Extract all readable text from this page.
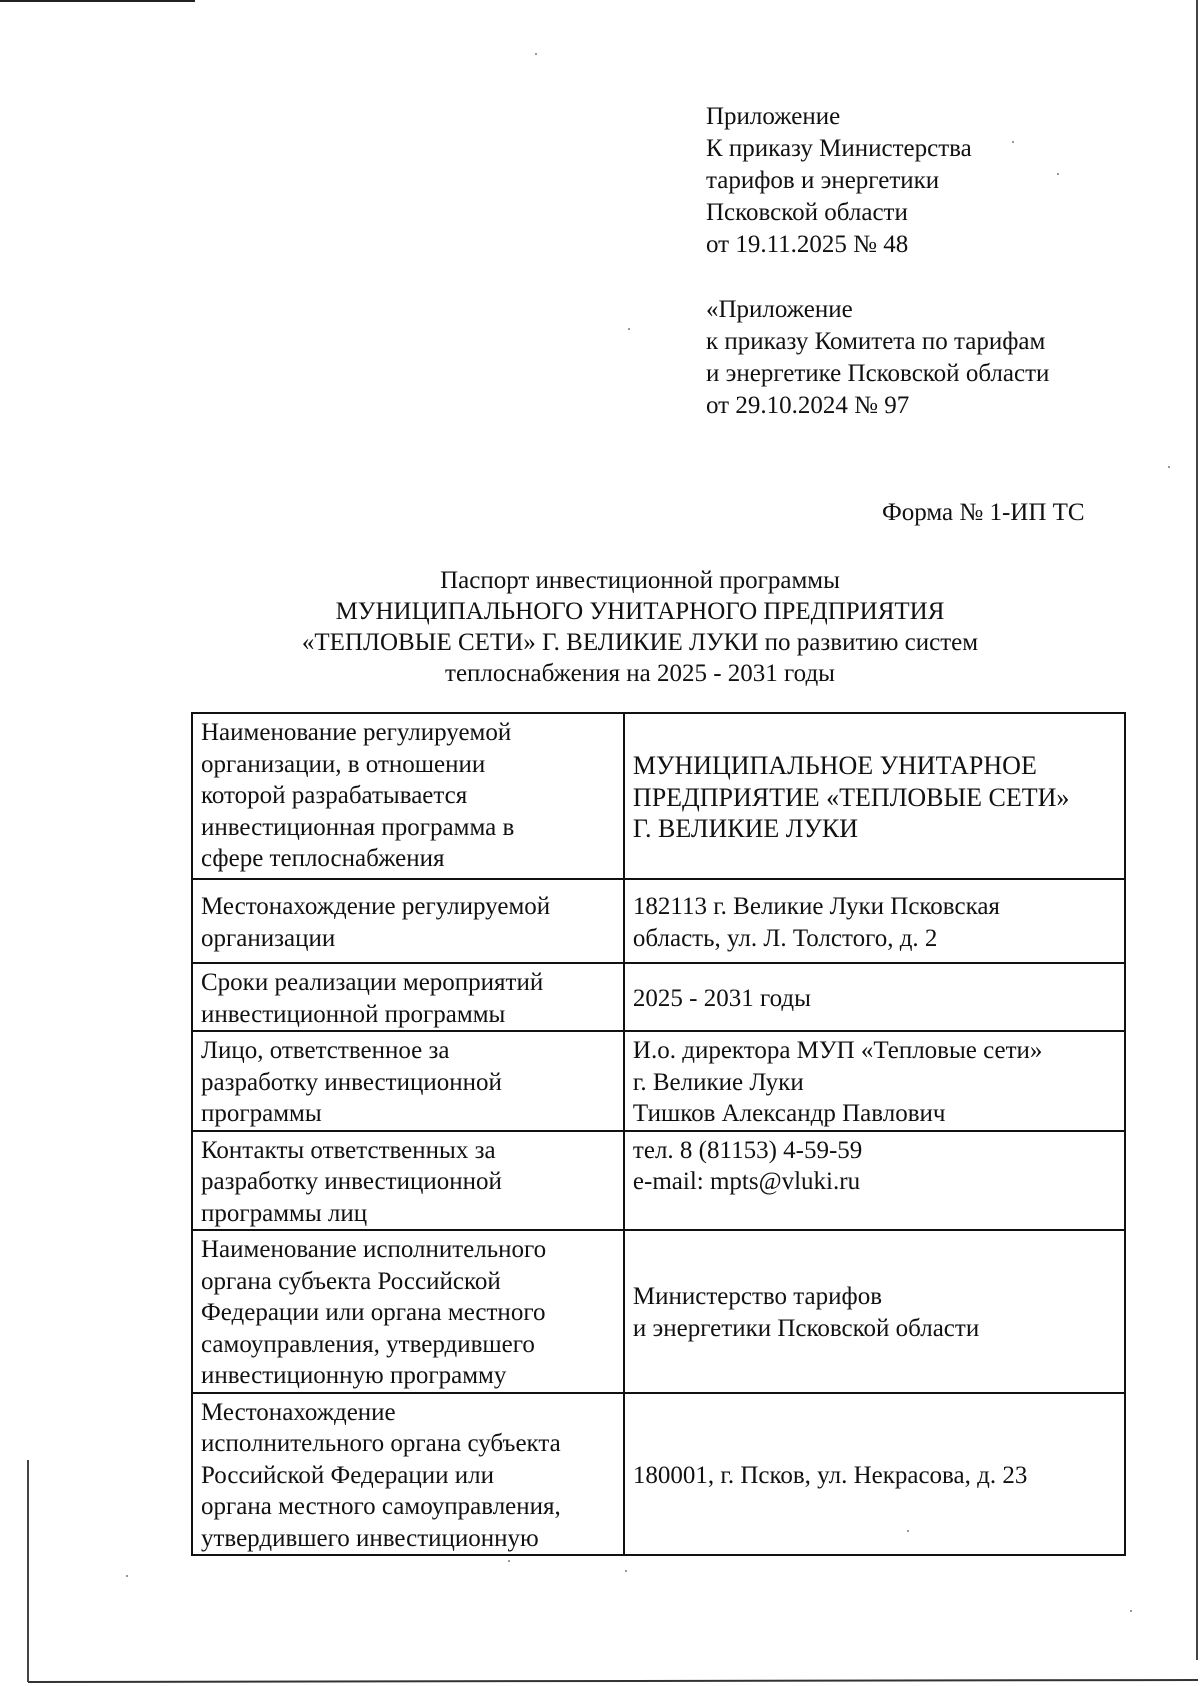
Приложение
К приказу Министерства
тарифов и энергетики
Псковской области
от 19.11.2025 № 48
«Приложение
к приказу Комитета по тарифам
и энергетике Псковской области
от 29.10.2024 № 97
Форма № 1-ИП ТС
Паспорт инвестиционной программы
МУНИЦИПАЛЬНОГО УНИТАРНОГО ПРЕДПРИЯТИЯ
«ТЕПЛОВЫЕ СЕТИ» Г. ВЕЛИКИЕ ЛУКИ по развитию систем
теплоснабжения на 2025 - 2031 годы
Наименование регулируемой
организации, в отношении
которой разрабатывается
инвестиционная программа в
сфере теплоснабжения	МУНИЦИПАЛЬНОЕ УНИТАРНОЕ
ПРЕДПРИЯТИЕ «ТЕПЛОВЫЕ СЕТИ»
Г. ВЕЛИКИЕ ЛУКИ

Местонахождение регулируемой
организации	182113 г. Великие Луки Псковская
область, ул. Л. Толстого, д. 2

Сроки реализации мероприятий
инвестиционной программы	2025 - 2031 годы

Лицо, ответственное за
разработку инвестиционной
программы	И.о. директора МУП «Тепловые сети»
г. Великие Луки
Тишков Александр Павлович

Контакты ответственных за
разработку инвестиционной
программы лиц	тел. 8 (81153) 4-59-59
e-mail: mpts@vluki.ru

Наименование исполнительного
органа субъекта Российской
Федерации или органа местного
самоуправления, утвердившего
инвестиционную программу	Министерство тарифов
и энергетики Псковской области

Местонахождение
исполнительного органа субъекта
Российской Федерации или
органа местного самоуправления,
утвердившего инвестиционную	180001, г. Псков, ул. Некрасова, д. 23
